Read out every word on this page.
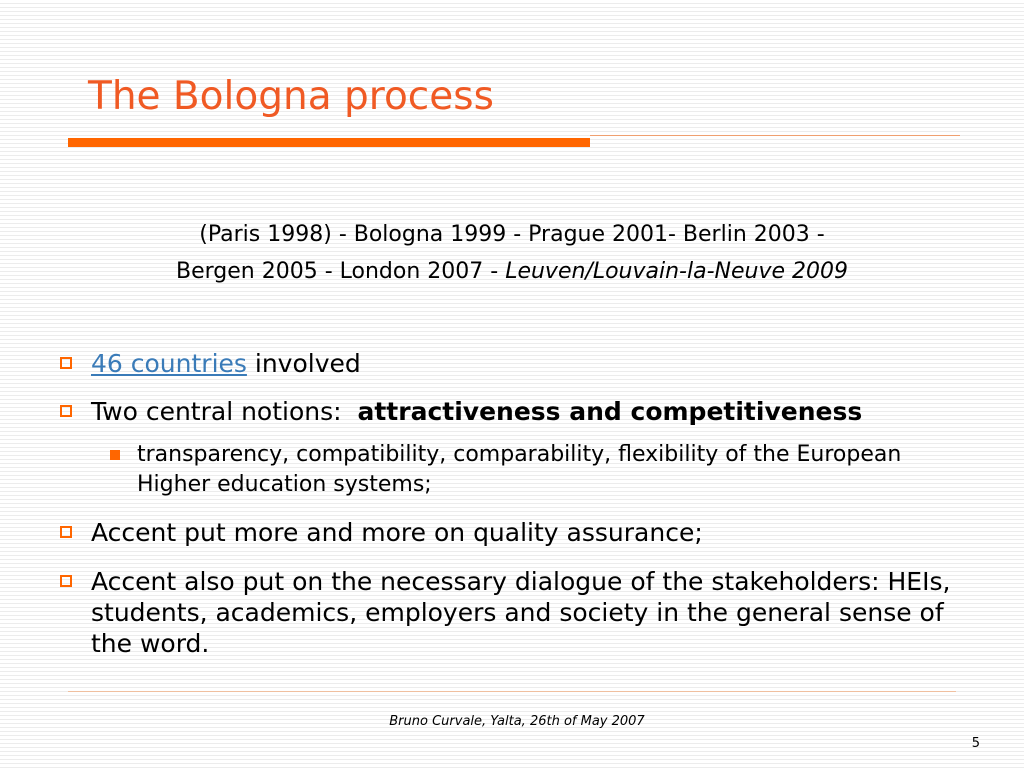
The Bologna process
(Paris 1998) - Bologna 1999 - Prague 2001- Berlin 2003 -
Bergen 2005 - London 2007 - Leuven/Louvain-la-Neuve 2009
46 countries involved
Two central notions: attractiveness and competitiveness
transparency, compatibility, comparability, flexibility of the European Higher education systems;
Accent put more and more on quality assurance;
Accent also put on the necessary dialogue of the stakeholders: HEIs, students, academics, employers and society in the general sense of the word.
Bruno Curvale, Yalta, 26th of May 2007
5
